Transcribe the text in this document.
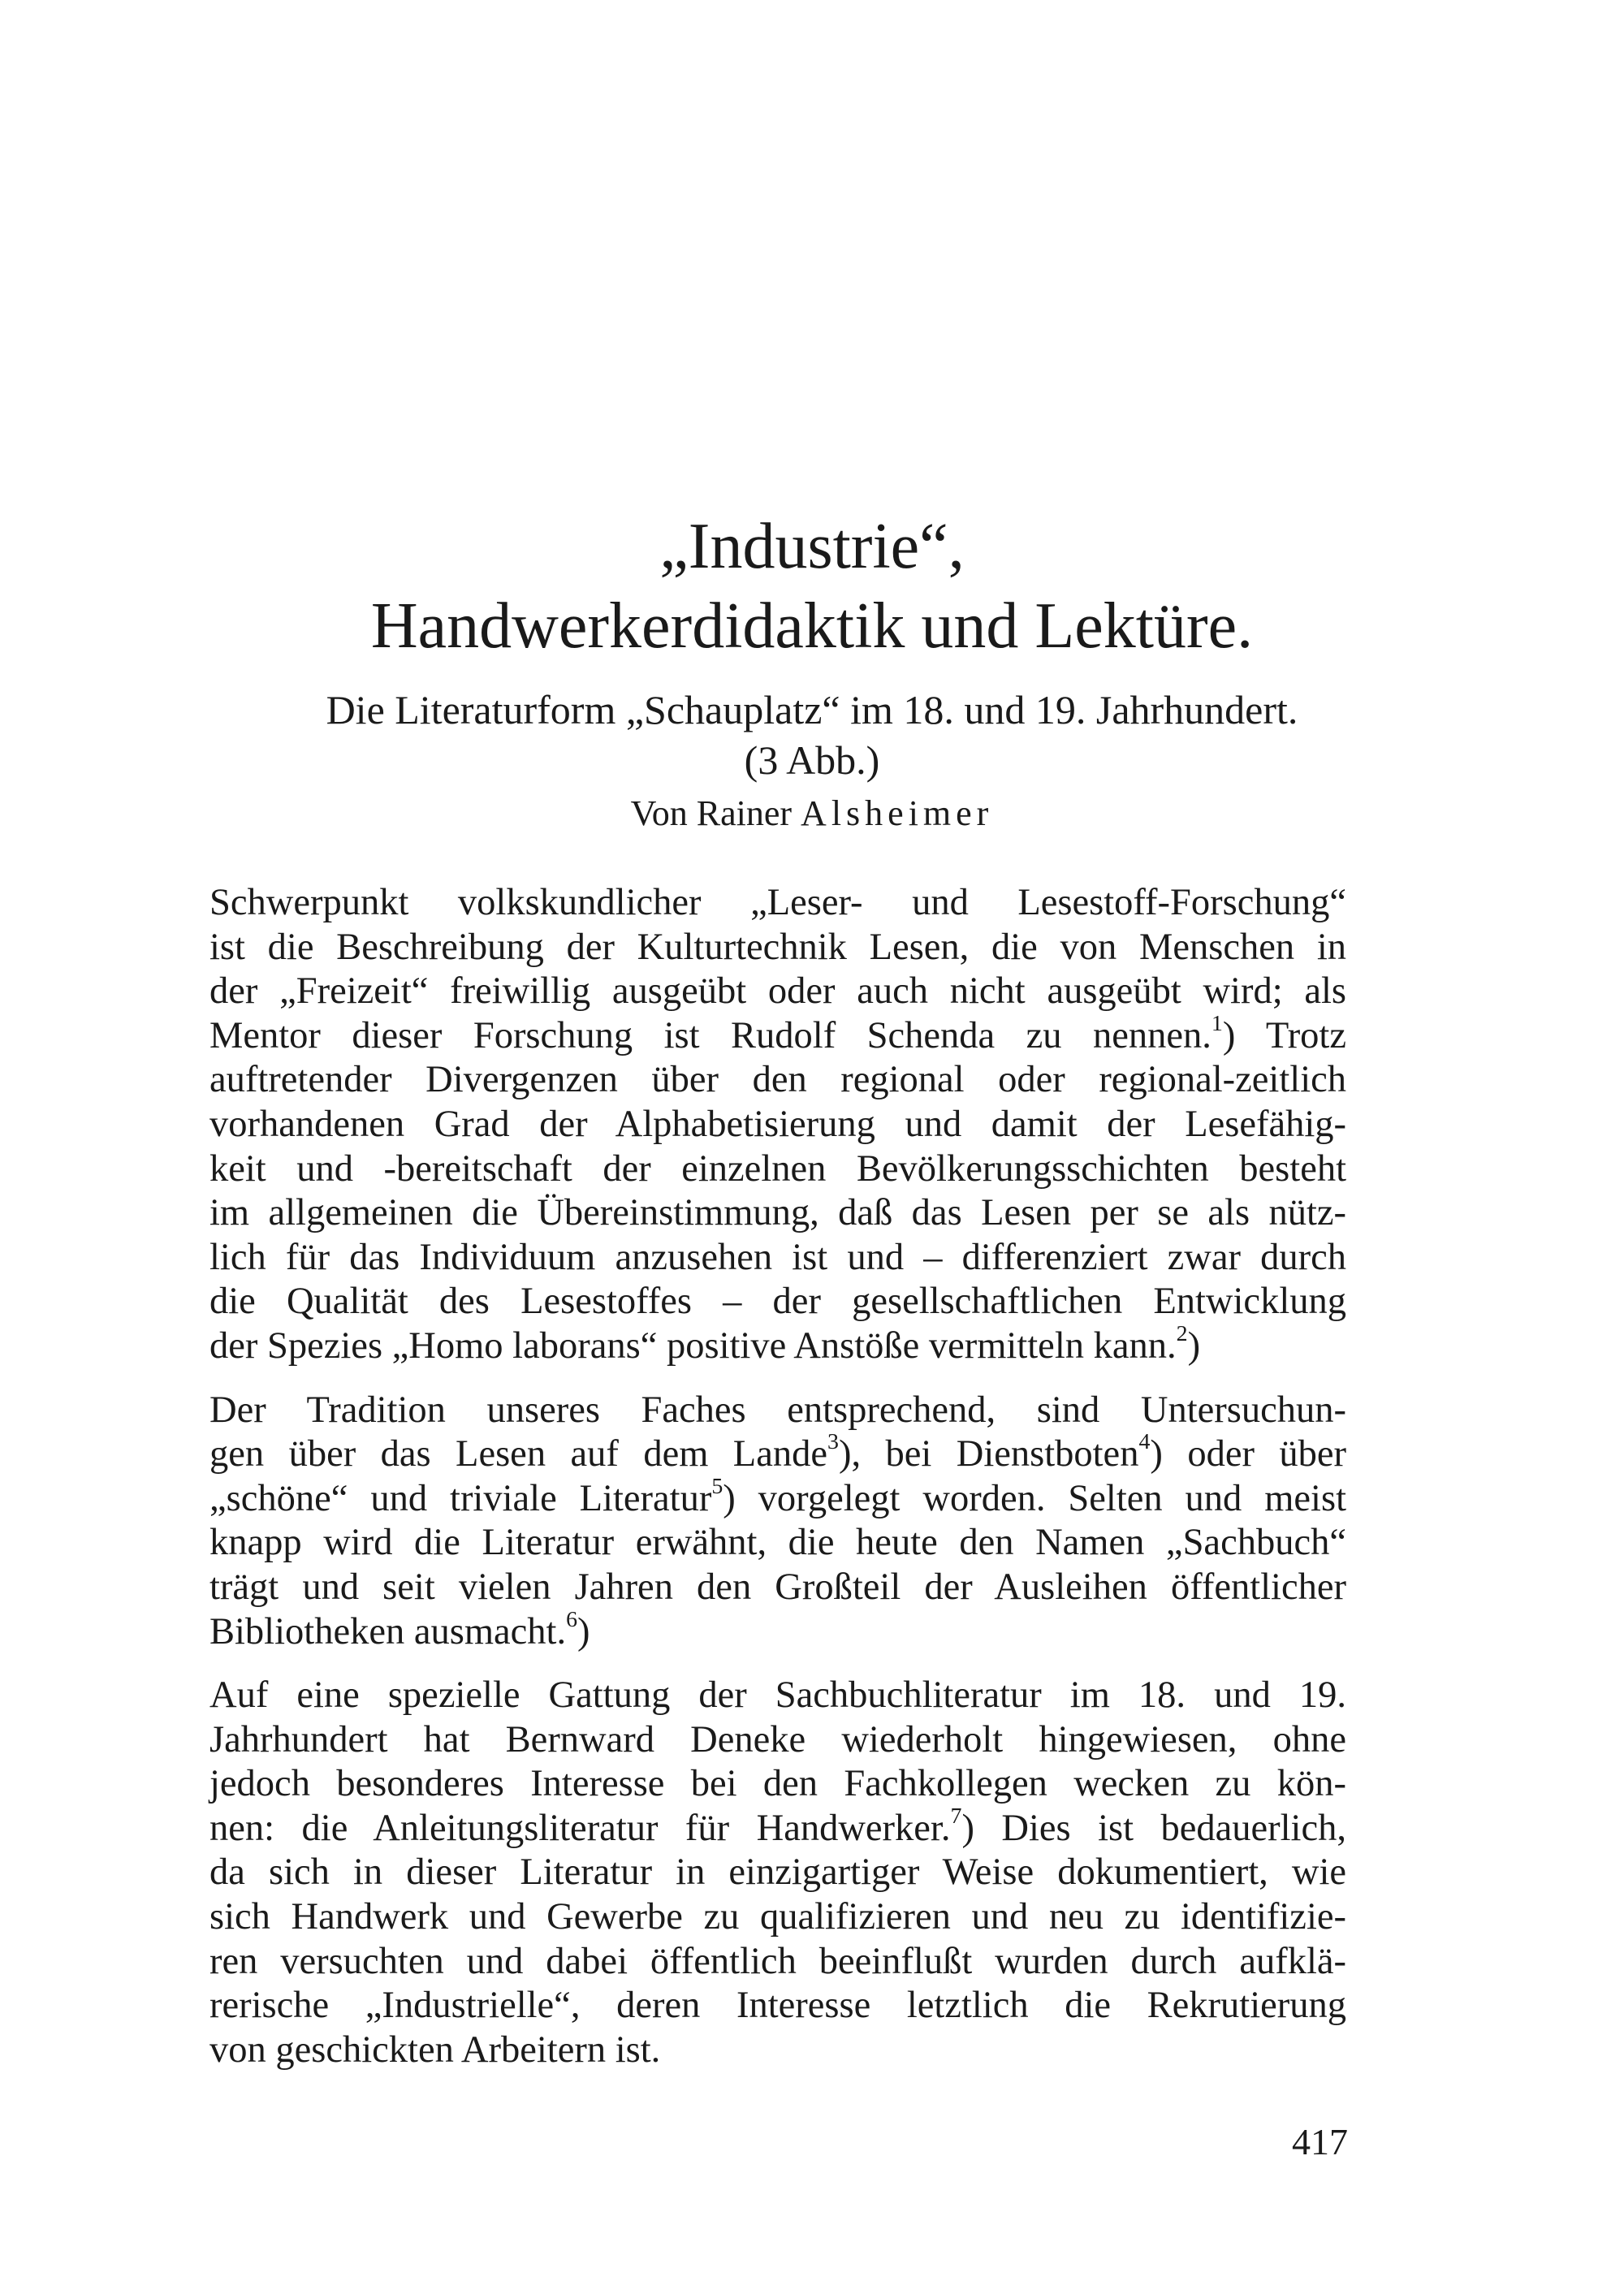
„Industrie“,
Handwerkerdidaktik und Lektüre.
Die Literaturform „Schauplatz“ im 18. und 19. Jahrhundert.
(3 Abb.)
Von Rainer Alsheimer
Schwerpunkt volkskundlicher „Leser- und Lesestoff-Forschung“
ist die Beschreibung der Kulturtechnik Lesen, die von Menschen in
der „Freizeit“ freiwillig ausgeübt oder auch nicht ausgeübt wird; als
Mentor dieser Forschung ist Rudolf Schenda zu nennen.$^1$) Trotz
auftretender Divergenzen über den regional oder regional-zeitlich
vorhandenen Grad der Alphabetisierung und damit der Lesefähig-
keit und -bereitschaft der einzelnen Bevölkerungsschichten besteht
im allgemeinen die Übereinstimmung, daß das Lesen per se als nütz-
lich für das Individuum anzusehen ist und – differenziert zwar durch
die Qualität des Lesestoffes – der gesellschaftlichen Entwicklung
der Spezies „Homo laborans“ positive Anstöße vermitteln kann.$^2$)
Der Tradition unseres Faches entsprechend, sind Untersuchun-
gen über das Lesen auf dem Lande$^3$), bei Dienstboten$^4$) oder über
„schöne“ und triviale Literatur$^5$) vorgelegt worden. Selten und meist
knapp wird die Literatur erwähnt, die heute den Namen „Sachbuch“
trägt und seit vielen Jahren den Großteil der Ausleihen öffentlicher
Bibliotheken ausmacht.$^6$)
Auf eine spezielle Gattung der Sachbuchliteratur im 18. und 19.
Jahrhundert hat Bernward Deneke wiederholt hingewiesen, ohne
jedoch besonderes Interesse bei den Fachkollegen wecken zu kön-
nen: die Anleitungsliteratur für Handwerker.$^7$) Dies ist bedauerlich,
da sich in dieser Literatur in einzigartiger Weise dokumentiert, wie
sich Handwerk und Gewerbe zu qualifizieren und neu zu identifizie-
ren versuchten und dabei öffentlich beeinflußt wurden durch aufklä-
rerische „Industrielle“, deren Interesse letztlich die Rekrutierung
von geschickten Arbeitern ist.
417
